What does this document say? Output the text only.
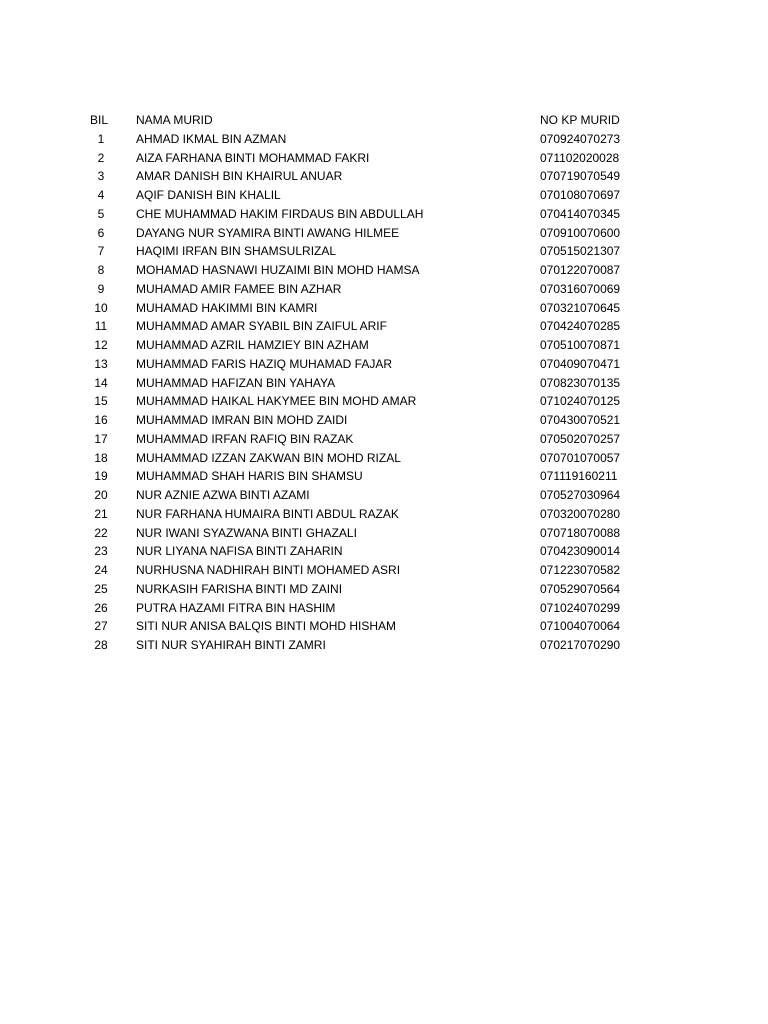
BIL	NAMA MURID	NO KP MURID
1	AHMAD IKMAL BIN AZMAN	070924070273
2	AIZA FARHANA BINTI MOHAMMAD FAKRI	071102020028
3	AMAR DANISH BIN KHAIRUL ANUAR	070719070549
4	AQIF DANISH BIN KHALIL	070108070697
5	CHE MUHAMMAD HAKIM FIRDAUS BIN ABDULLAH	070414070345
6	DAYANG NUR SYAMIRA BINTI AWANG HILMEE	070910070600
7	HAQIMI IRFAN BIN SHAMSULRIZAL	070515021307
8	MOHAMAD HASNAWI HUZAIMI BIN MOHD HAMSA	070122070087
9	MUHAMAD AMIR FAMEE BIN AZHAR	070316070069
10	MUHAMAD HAKIMMI BIN KAMRI	070321070645
11	MUHAMMAD AMAR SYABIL BIN ZAIFUL ARIF	070424070285
12	MUHAMMAD AZRIL HAMZIEY BIN AZHAM	070510070871
13	MUHAMMAD FARIS HAZIQ MUHAMAD FAJAR	070409070471
14	MUHAMMAD HAFIZAN BIN YAHAYA	070823070135
15	MUHAMMAD HAIKAL HAKYMEE BIN MOHD AMAR	071024070125
16	MUHAMMAD IMRAN BIN MOHD ZAIDI	070430070521
17	MUHAMMAD IRFAN RAFIQ BIN RAZAK	070502070257
18	MUHAMMAD IZZAN ZAKWAN BIN MOHD RIZAL	070701070057
19	MUHAMMAD SHAH HARIS BIN SHAMSU	071119160211
20	NUR AZNIE AZWA BINTI AZAMI	070527030964
21	NUR FARHANA HUMAIRA BINTI ABDUL RAZAK	070320070280
22	NUR IWANI SYAZWANA BINTI GHAZALI	070718070088
23	NUR LIYANA NAFISA BINTI ZAHARIN	070423090014
24	NURHUSNA NADHIRAH BINTI MOHAMED ASRI	071223070582
25	NURKASIH FARISHA BINTI MD ZAINI	070529070564
26	PUTRA HAZAMI FITRA BIN HASHIM	071024070299
27	SITI NUR ANISA BALQIS BINTI MOHD HISHAM	071004070064
28	SITI NUR SYAHIRAH BINTI ZAMRI	070217070290
